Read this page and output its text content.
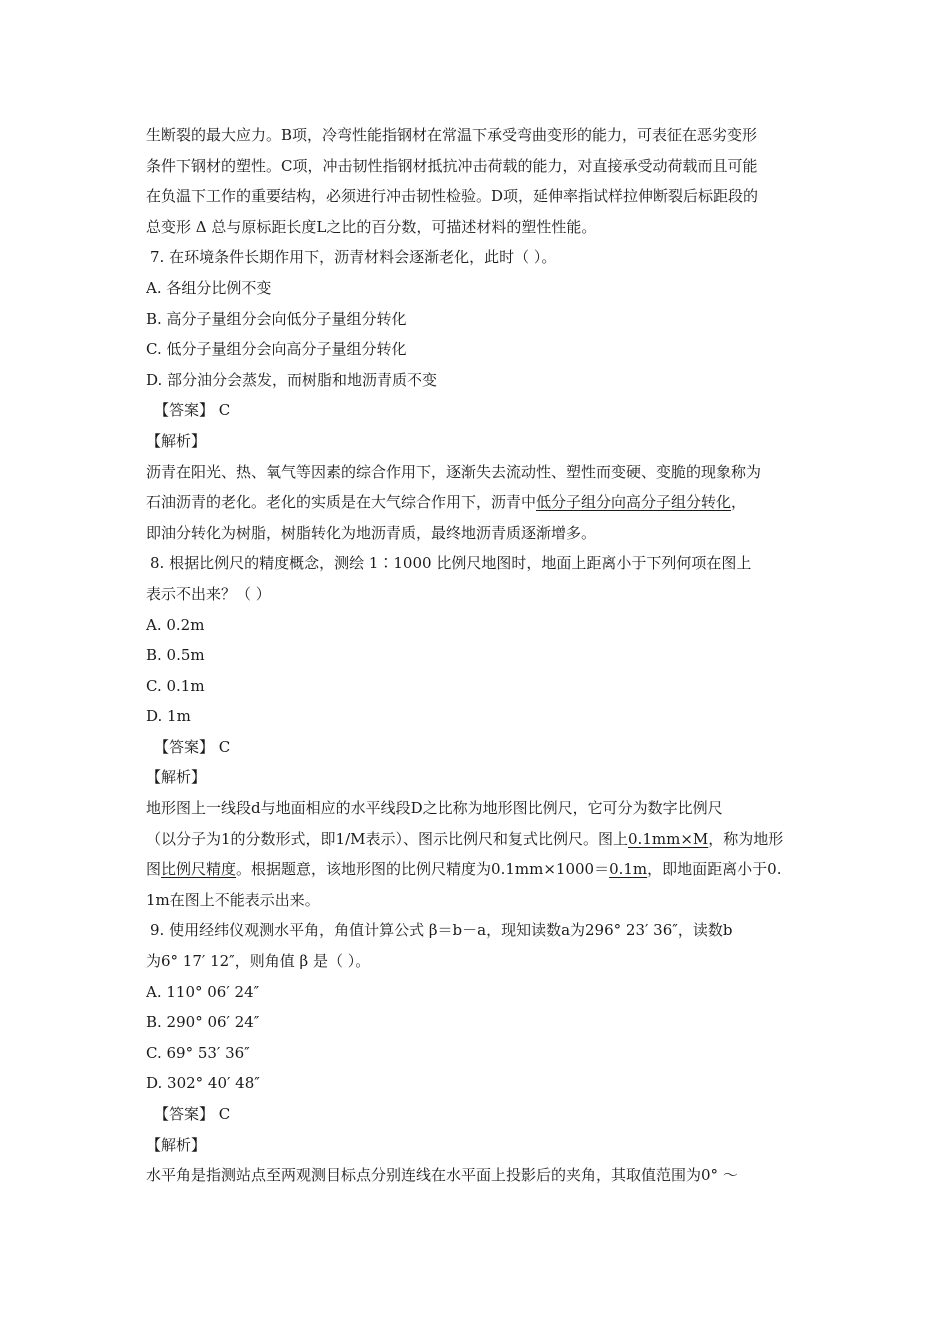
生断裂的最大应力。B项，冷弯性能指钢材在常温下承受弯曲变形的能力，可表征在恶劣变形
条件下钢材的塑性。C项，冲击韧性指钢材抵抗冲击荷载的能力，对直接承受动荷载而且可能
在负温下工作的重要结构，必须进行冲击韧性检验。D项，延伸率指试样拉伸断裂后标距段的
总变形 Δ 总与原标距长度L之比的百分数，可描述材料的塑性性能。
7. 在环境条件长期作用下，沥青材料会逐渐老化，此时（ ）。
A. 各组分比例不变
B. 高分子量组分会向低分子量组分转化
C. 低分子量组分会向高分子量组分转化
D. 部分油分会蒸发，而树脂和地沥青质不变
【答案】 C
【解析】
沥青在阳光、热、氧气等因素的综合作用下，逐渐失去流动性、塑性而变硬、变脆的现象称为
石油沥青的老化。老化的实质是在大气综合作用下，沥青中低分子组分向高分子组分转化，
即油分转化为树脂，树脂转化为地沥青质，最终地沥青质逐渐增多。
8. 根据比例尺的精度概念，测绘 1∶1000 比例尺地图时，地面上距离小于下列何项在图上
表示不出来？（ ）
A. 0.2m
B. 0.5m
C. 0.1m
D. 1m
【答案】 C
【解析】
地形图上一线段d与地面相应的水平线段D之比称为地形图比例尺，它可分为数字比例尺
（以分子为1的分数形式，即1/M表示）、图示比例尺和复式比例尺。图上0.1mm×M，称为地形
图比例尺精度。根据题意，该地形图的比例尺精度为0.1mm×1000＝0.1m，即地面距离小于0.
1m在图上不能表示出来。
9. 使用经纬仪观测水平角，角值计算公式 β＝b－a，现知读数a为296° 23′ 36″，读数b
为6° 17′ 12″，则角值 β 是（ ）。
A. 110° 06′ 24″
B. 290° 06′ 24″
C. 69° 53′ 36″
D. 302° 40′ 48″
【答案】 C
【解析】
水平角是指测站点至两观测目标点分别连线在水平面上投影后的夹角，其取值范围为0° ～
